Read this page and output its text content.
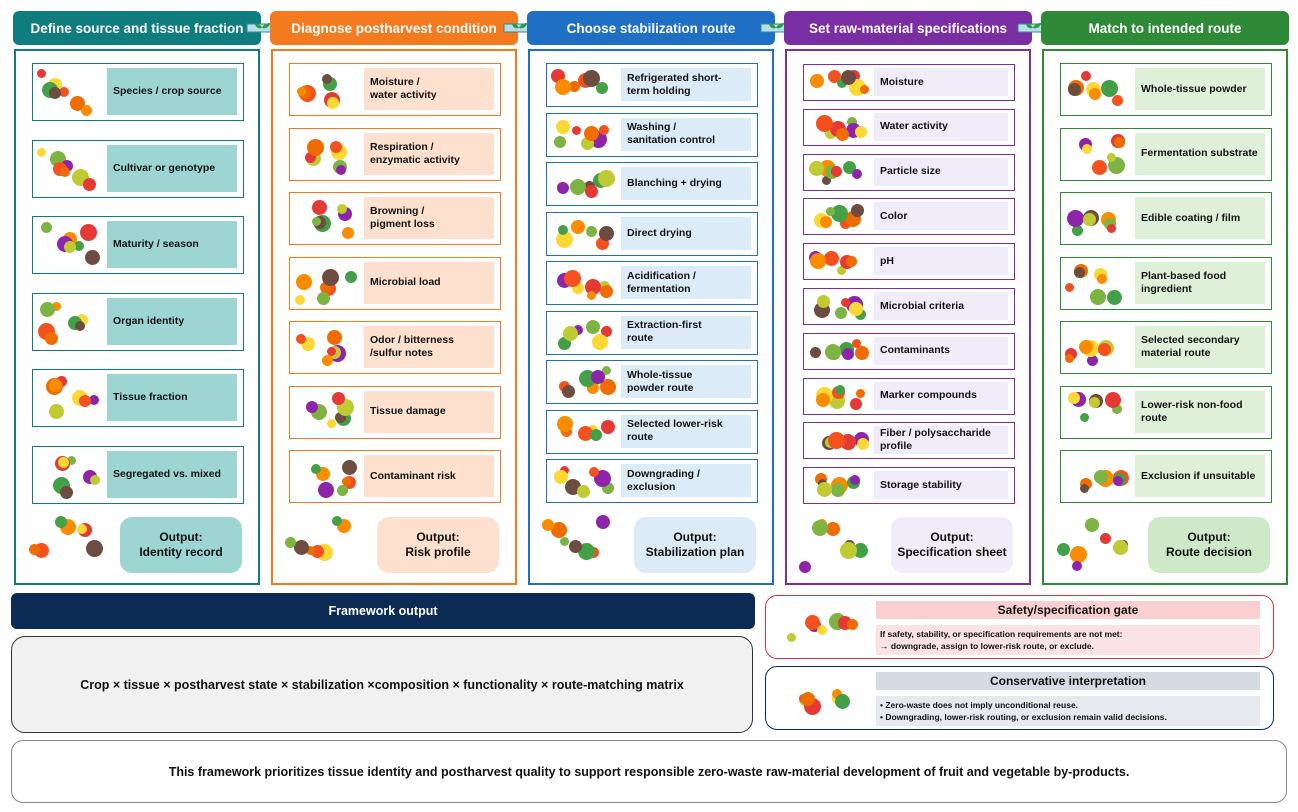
Define source and tissue fraction
Species / crop source
Cultivar or genotype
Maturity / season
Organ identity
Tissue fraction
Segregated vs. mixed
Output:
Identity record
Diagnose postharvest condition
Moisture /
water activity
Respiration /
enzymatic activity
Browning /
pigment loss
Microbial load
Odor / bitterness
/sulfur notes
Tissue damage
Contaminant risk
Output:
Risk profile
Choose stabilization route
Refrigerated short-
term holding
Washing /
sanitation control
Blanching + drying
Direct drying
Acidification /
fermentation
Extraction-first
route
Whole-tissue
powder route
Selected lower-risk
route
Downgrading /
exclusion
Output:
Stabilization plan
Set raw-material specifications
Moisture
Water activity
Particle size
Color
pH
Microbial criteria
Contaminants
Marker compounds
Fiber / polysaccharide
profile
Storage stability
Output:
Specification sheet
Match to intended route
Whole-tissue powder
Fermentation substrate
Edible coating / film
Plant-based food
ingredient
Selected secondary
material route
Lower-risk non-food
route
Exclusion if unsuitable
Output:
Route decision
Framework output
Crop × tissue × postharvest state × stabilization ×composition × functionality × route-matching matrix
Safety/specification gate
If safety, stability, or specification requirements are not met:
→ downgrade, assign to lower-risk route, or exclude.
Conservative interpretation
• Zero-waste does not imply unconditional reuse.
• Downgrading, lower-risk routing, or exclusion remain valid decisions.
This framework prioritizes tissue identity and postharvest quality to support responsible zero-waste raw-material development of fruit and vegetable by-products.
